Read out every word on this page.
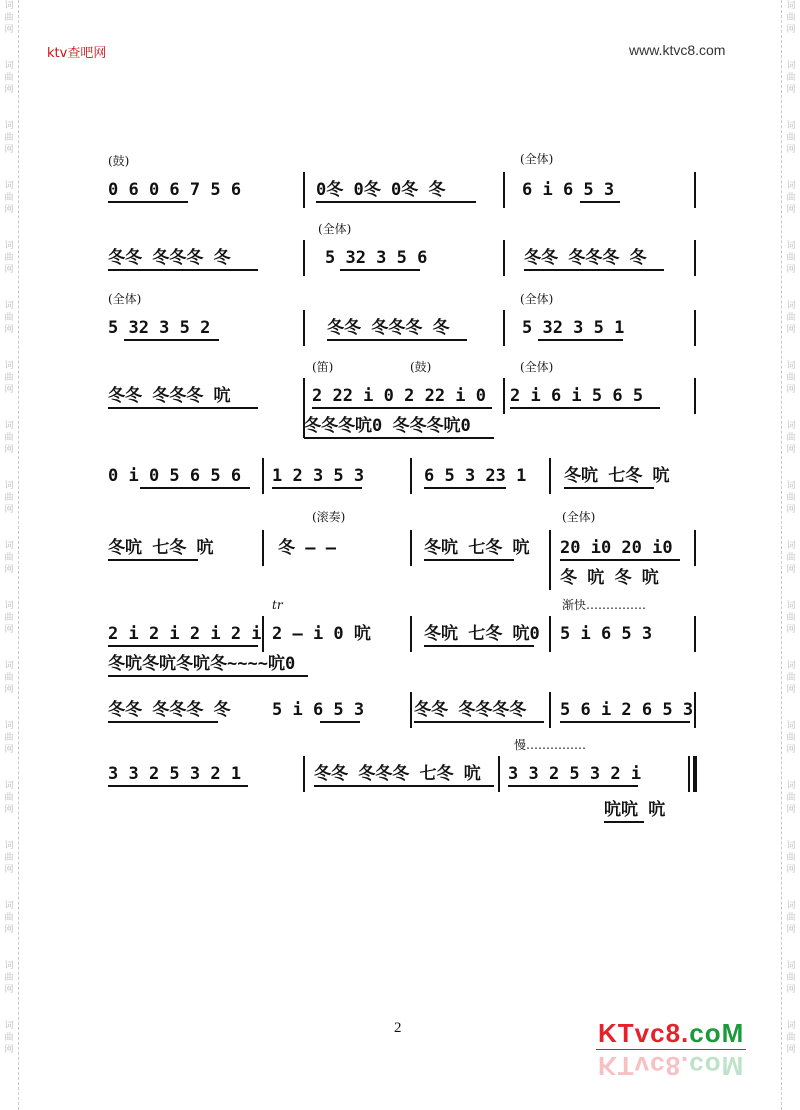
词
曲
网
词
曲
网
词
曲
网
词
曲
网
词
曲
网
词
曲
网
词
曲
网
词
曲
网
词
曲
网
词
曲
网
词
曲
网
词
曲
网
词
曲
网
词
曲
网
词
曲
网
词
曲
网
词
曲
网
词
曲
网
词
曲
网
词
曲
网
词
曲
网
词
曲
网
词
曲
网
词
曲
网
词
曲
网
词
曲
网
词
曲
网
词
曲
网
词
曲
网
词
曲
网
词
曲
网
词
曲
网
词
曲
网
词
曲
网
词
曲
网
词
曲
网
ktv查吧网	www.ktvc8.com
(鼓)	(全体)
0 6 0 6 7 5 6	0冬 0冬 0冬 冬	6 i 6 5 3
(全体)
冬冬 冬冬冬 冬	5 32 3 5 6	冬冬 冬冬冬 冬
(全体)	(全体)
5 32 3 5 2	冬冬 冬冬冬 冬	5 32 3 5 1
(笛)	(鼓)	(全体)
冬冬 冬冬冬 吭	2 22 i 0 2 22 i 0 2 i 6 i 5 6 5
冬冬冬吭0 冬冬冬吭0
0 i 0 5 6 5 6 1 2 3 5 3	6 5 3 23 1 冬吭 七冬 吭
(滚奏)	(全体)
冬吭 七冬 吭	冬 — —	冬吭 七冬 吭 20 i0 20 i0
冬 吭 冬 吭
tr	渐快……………
2 i 2 i 2 i 2 i 2 — i 0 吭	冬吭 七冬 吭0 5 i 6 5 3
冬吭冬吭冬吭冬~~~~吭0
冬冬 冬冬冬 冬 5 i 6 5 3	冬冬 冬冬冬冬 5 6 i 2 6 5 3
慢……………
3 3 2 5 3 2 1	冬冬 冬冬冬 七冬 吭 3 3 2 5 3 2 i
吭吭 吭
2	KTvc8.coM
KTvc8.coM
